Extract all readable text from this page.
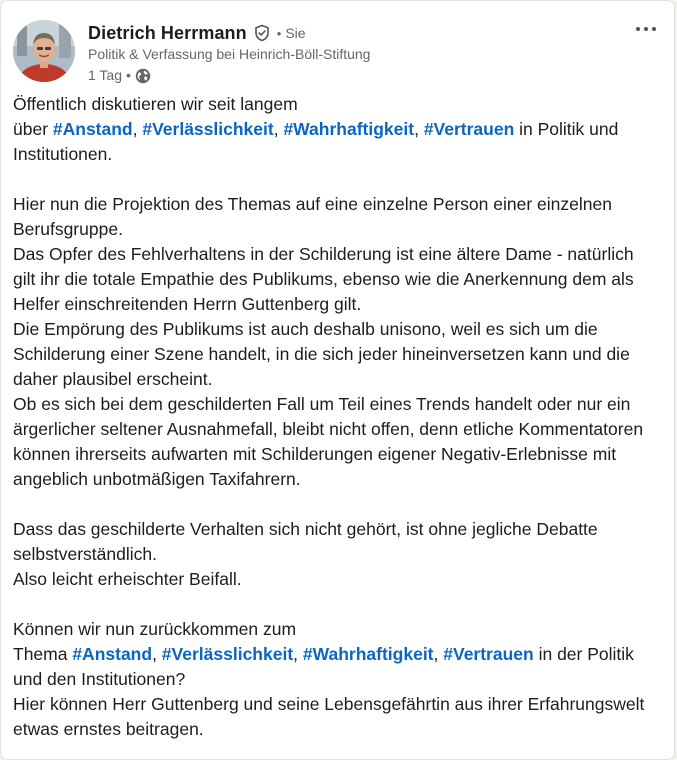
Dietrich Herrmann • Sie
Politik & Verfassung bei Heinrich-Böll-Stiftung
1 Tag •

Öffentlich diskutieren wir seit langem

über #Anstand, #Verlässlichkeit, #Wahrhaftigkeit, #Vertrauen in Politik und Institutionen.

Hier nun die Projektion des Themas auf eine einzelne Person einer einzelnen Berufsgruppe.

Das Opfer des Fehlverhaltens in der Schilderung ist eine ältere Dame - natürlich gilt ihr die totale Empathie des Publikums, ebenso wie die Anerkennung dem als Helfer einschreitenden Herrn Guttenberg gilt.

Die Empörung des Publikums ist auch deshalb unisono, weil es sich um die Schilderung einer Szene handelt, in die sich jeder hineinversetzen kann und die daher plausibel erscheint.

Ob es sich bei dem geschilderten Fall um Teil eines Trends handelt oder nur ein ärgerlicher seltener Ausnahmefall, bleibt nicht offen, denn etliche Kommentatoren können ihrerseits aufwarten mit Schilderungen eigener Negativ-Erlebnisse mit angeblich unbotmäßigen Taxifahrern.

Dass das geschilderte Verhalten sich nicht gehört, ist ohne jegliche Debatte selbstverständlich.

Also leicht erheischter Beifall.

Können wir nun zurückkommen zum

Thema #Anstand, #Verlässlichkeit, #Wahrhaftigkeit, #Vertrauen in der Politik und den Institutionen?

Hier können Herr Guttenberg und seine Lebensgefährtin aus ihrer Erfahrungswelt etwas ernstes beitragen.
